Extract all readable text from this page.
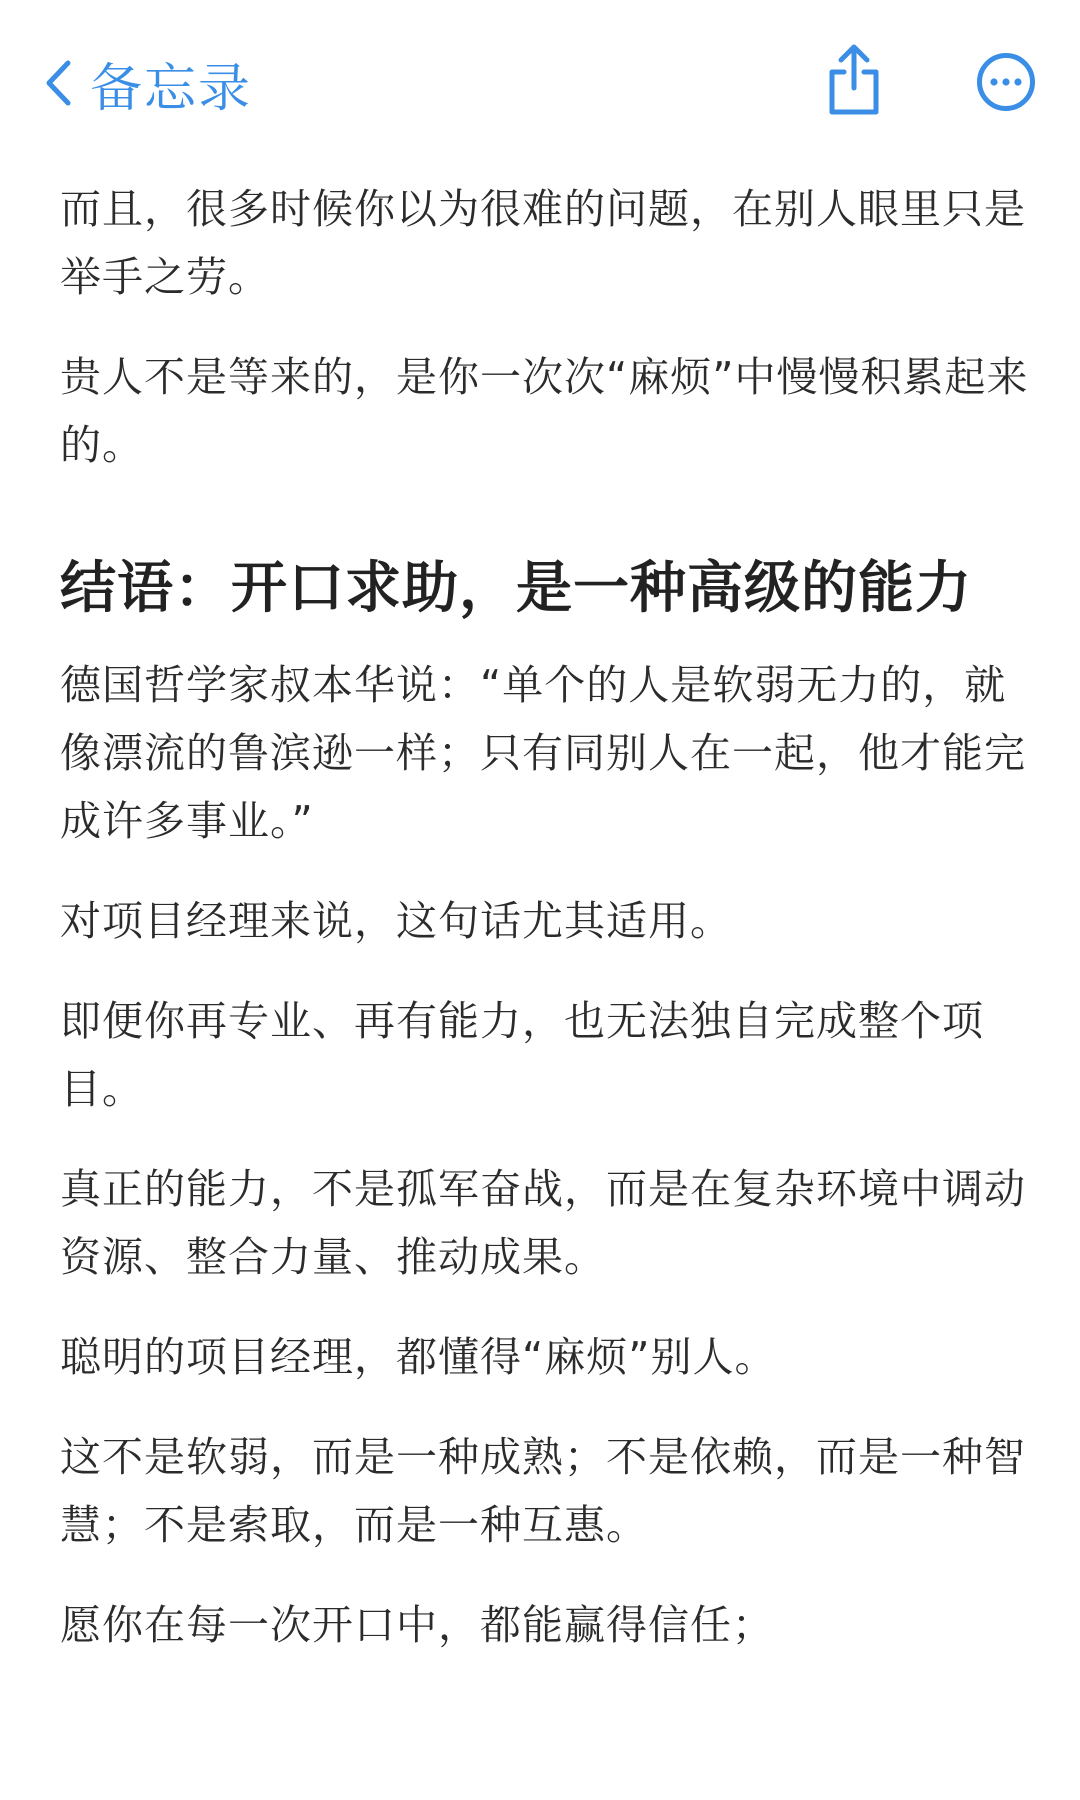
备忘录

而且，很多时候你以为很难的问题，在别人眼里只是举手之劳。

贵人不是等来的，是你一次次“麻烦”中慢慢积累起来的。

结语：开口求助，是一种高级的能力

德国哲学家叔本华说：“单个的人是软弱无力的，就像漂流的鲁滨逊一样；只有同别人在一起，他才能完成许多事业。”

对项目经理来说，这句话尤其适用。

即便你再专业、再有能力，也无法独自完成整个项目。

真正的能力，不是孤军奋战，而是在复杂环境中调动资源、整合力量、推动成果。

聪明的项目经理，都懂得“麻烦”别人。

这不是软弱，而是一种成熟；不是依赖，而是一种智慧；不是索取，而是一种互惠。

愿你在每一次开口中，都能赢得信任；
